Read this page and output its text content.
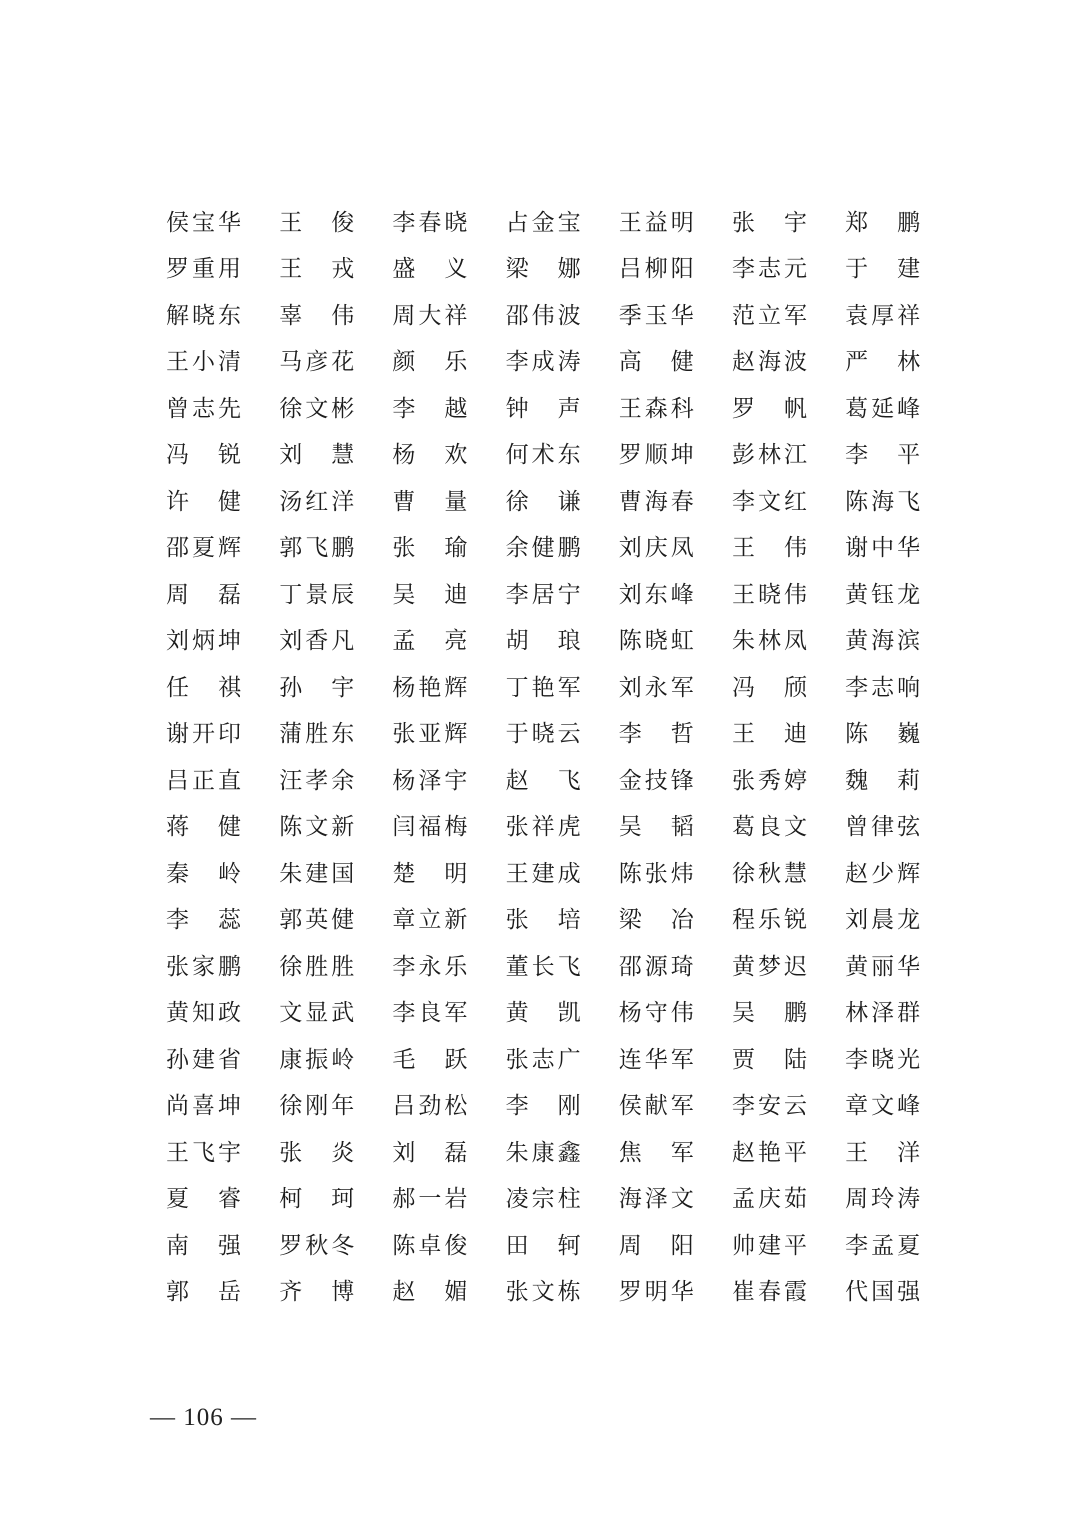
侯 宝 华 王 俊 李 春 晓 占 金 宝 王 益 明 张 宇 郑 鹏
罗 重 用 王 戎 盛 义 梁 娜 吕 柳 阳 李 志 元 于 建
解 晓 东 辜 伟 周 大 祥 邵 伟 波 季 玉 华 范 立 军 袁 厚 祥
王 小 清 马 彦 花 颜 乐 李 成 涛 高 健 赵 海 波 严 林
曾 志 先 徐 文 彬 李 越 钟 声 王 森 科 罗 帆 葛 延 峰
冯 锐 刘 慧 杨 欢 何 术 东 罗 顺 坤 彭 林 江 李 平
许 健 汤 红 洋 曹 量 徐 谦 曹 海 春 李 文 红 陈 海 飞
邵 夏 辉 郭 飞 鹏 张 瑜 余 健 鹏 刘 庆 凤 王 伟 谢 中 华
周 磊 丁 景 辰 吴 迪 李 居 宁 刘 东 峰 王 晓 伟 黄 钰 龙
刘 炳 坤 刘 香 凡 孟 亮 胡 琅 陈 晓 虹 朱 林 凤 黄 海 滨
任 祺 孙 宇 杨 艳 辉 丁 艳 军 刘 永 军 冯 颀 李 志 响
谢 开 印 蒲 胜 东 张 亚 辉 于 晓 云 李 哲 王 迪 陈 巍
吕 正 直 汪 孝 余 杨 泽 宇 赵 飞 金 技 锋 张 秀 婷 魏 莉
蒋 健 陈 文 新 闫 福 梅 张 祥 虎 吴 韬 葛 良 文 曾 律 弦
秦 岭 朱 建 国 楚 明 王 建 成 陈 张 炜 徐 秋 慧 赵 少 辉
李 蕊 郭 英 健 章 立 新 张 培 梁 冶 程 乐 锐 刘 晨 龙
张 家 鹏 徐 胜 胜 李 永 乐 董 长 飞 邵 源 琦 黄 梦 迟 黄 丽 华
黄 知 政 文 显 武 李 良 军 黄 凯 杨 守 伟 吴 鹏 林 泽 群
孙 建 省 康 振 岭 毛 跃 张 志 广 连 华 军 贾 陆 李 晓 光
尚 喜 坤 徐 刚 年 吕 劲 松 李 刚 侯 献 军 李 安 云 章 文 峰
王 飞 宇 张 炎 刘 磊 朱 康 鑫 焦 军 赵 艳 平 王 洋
夏 睿 柯 珂 郝 一 岩 凌 宗 柱 海 泽 文 孟 庆 茹 周 玲 涛
南 强 罗 秋 冬 陈 卓 俊 田 轲 周 阳 帅 建 平 李 孟 夏
郭 岳 齐 博 赵 媚 张 文 栋 罗 明 华 崔 春 霞 代 国 强
— 106 —
